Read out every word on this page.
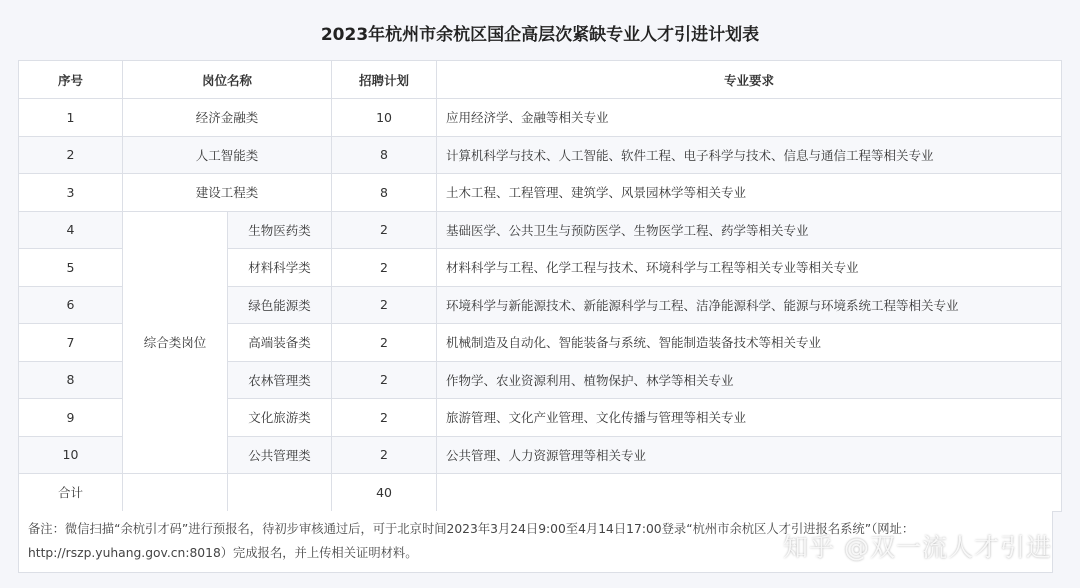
2023年杭州市余杭区国企高层次紧缺专业人才引进计划表
序号	岗位名称		招聘计划	专业要求
1	经济金融类		10	应用经济学、金融等相关专业
2	人工智能类		8	计算机科学与技术、人工智能、软件工程、电子科学与技术、信息与通信工程等相关专业
3	建设工程类		8	土木工程、工程管理、建筑学、风景园林学等相关专业
4	综合类岗位	生物医药类	2	基础医学、公共卫生与预防医学、生物医学工程、药学等相关专业
5		材料科学类	2	材料科学与工程、化学工程与技术、环境科学与工程等相关专业等相关专业
6		绿色能源类	2	环境科学与新能源技术、新能源科学与工程、洁净能源科学、能源与环境系统工程等相关专业
7		高端装备类	2	机械制造及自动化、智能装备与系统、智能制造装备技术等相关专业
8		农林管理类	2	作物学、农业资源利用、植物保护、林学等相关专业
9		文化旅游类	2	旅游管理、文化产业管理、文化传播与管理等相关专业
10		公共管理类	2	公共管理、人力资源管理等相关专业
合计			40	
备注：微信扫描“余杭引才码”进行预报名，待初步审核通过后，可于北京时间2023年3月24日9:00至4月14日17:00登录“杭州市余杭区人才引进报名系统”（网址：
http://rszp.yuhang.gov.cn:8018）完成报名，并上传相关证明材料。	知乎 @双一流人才引进
